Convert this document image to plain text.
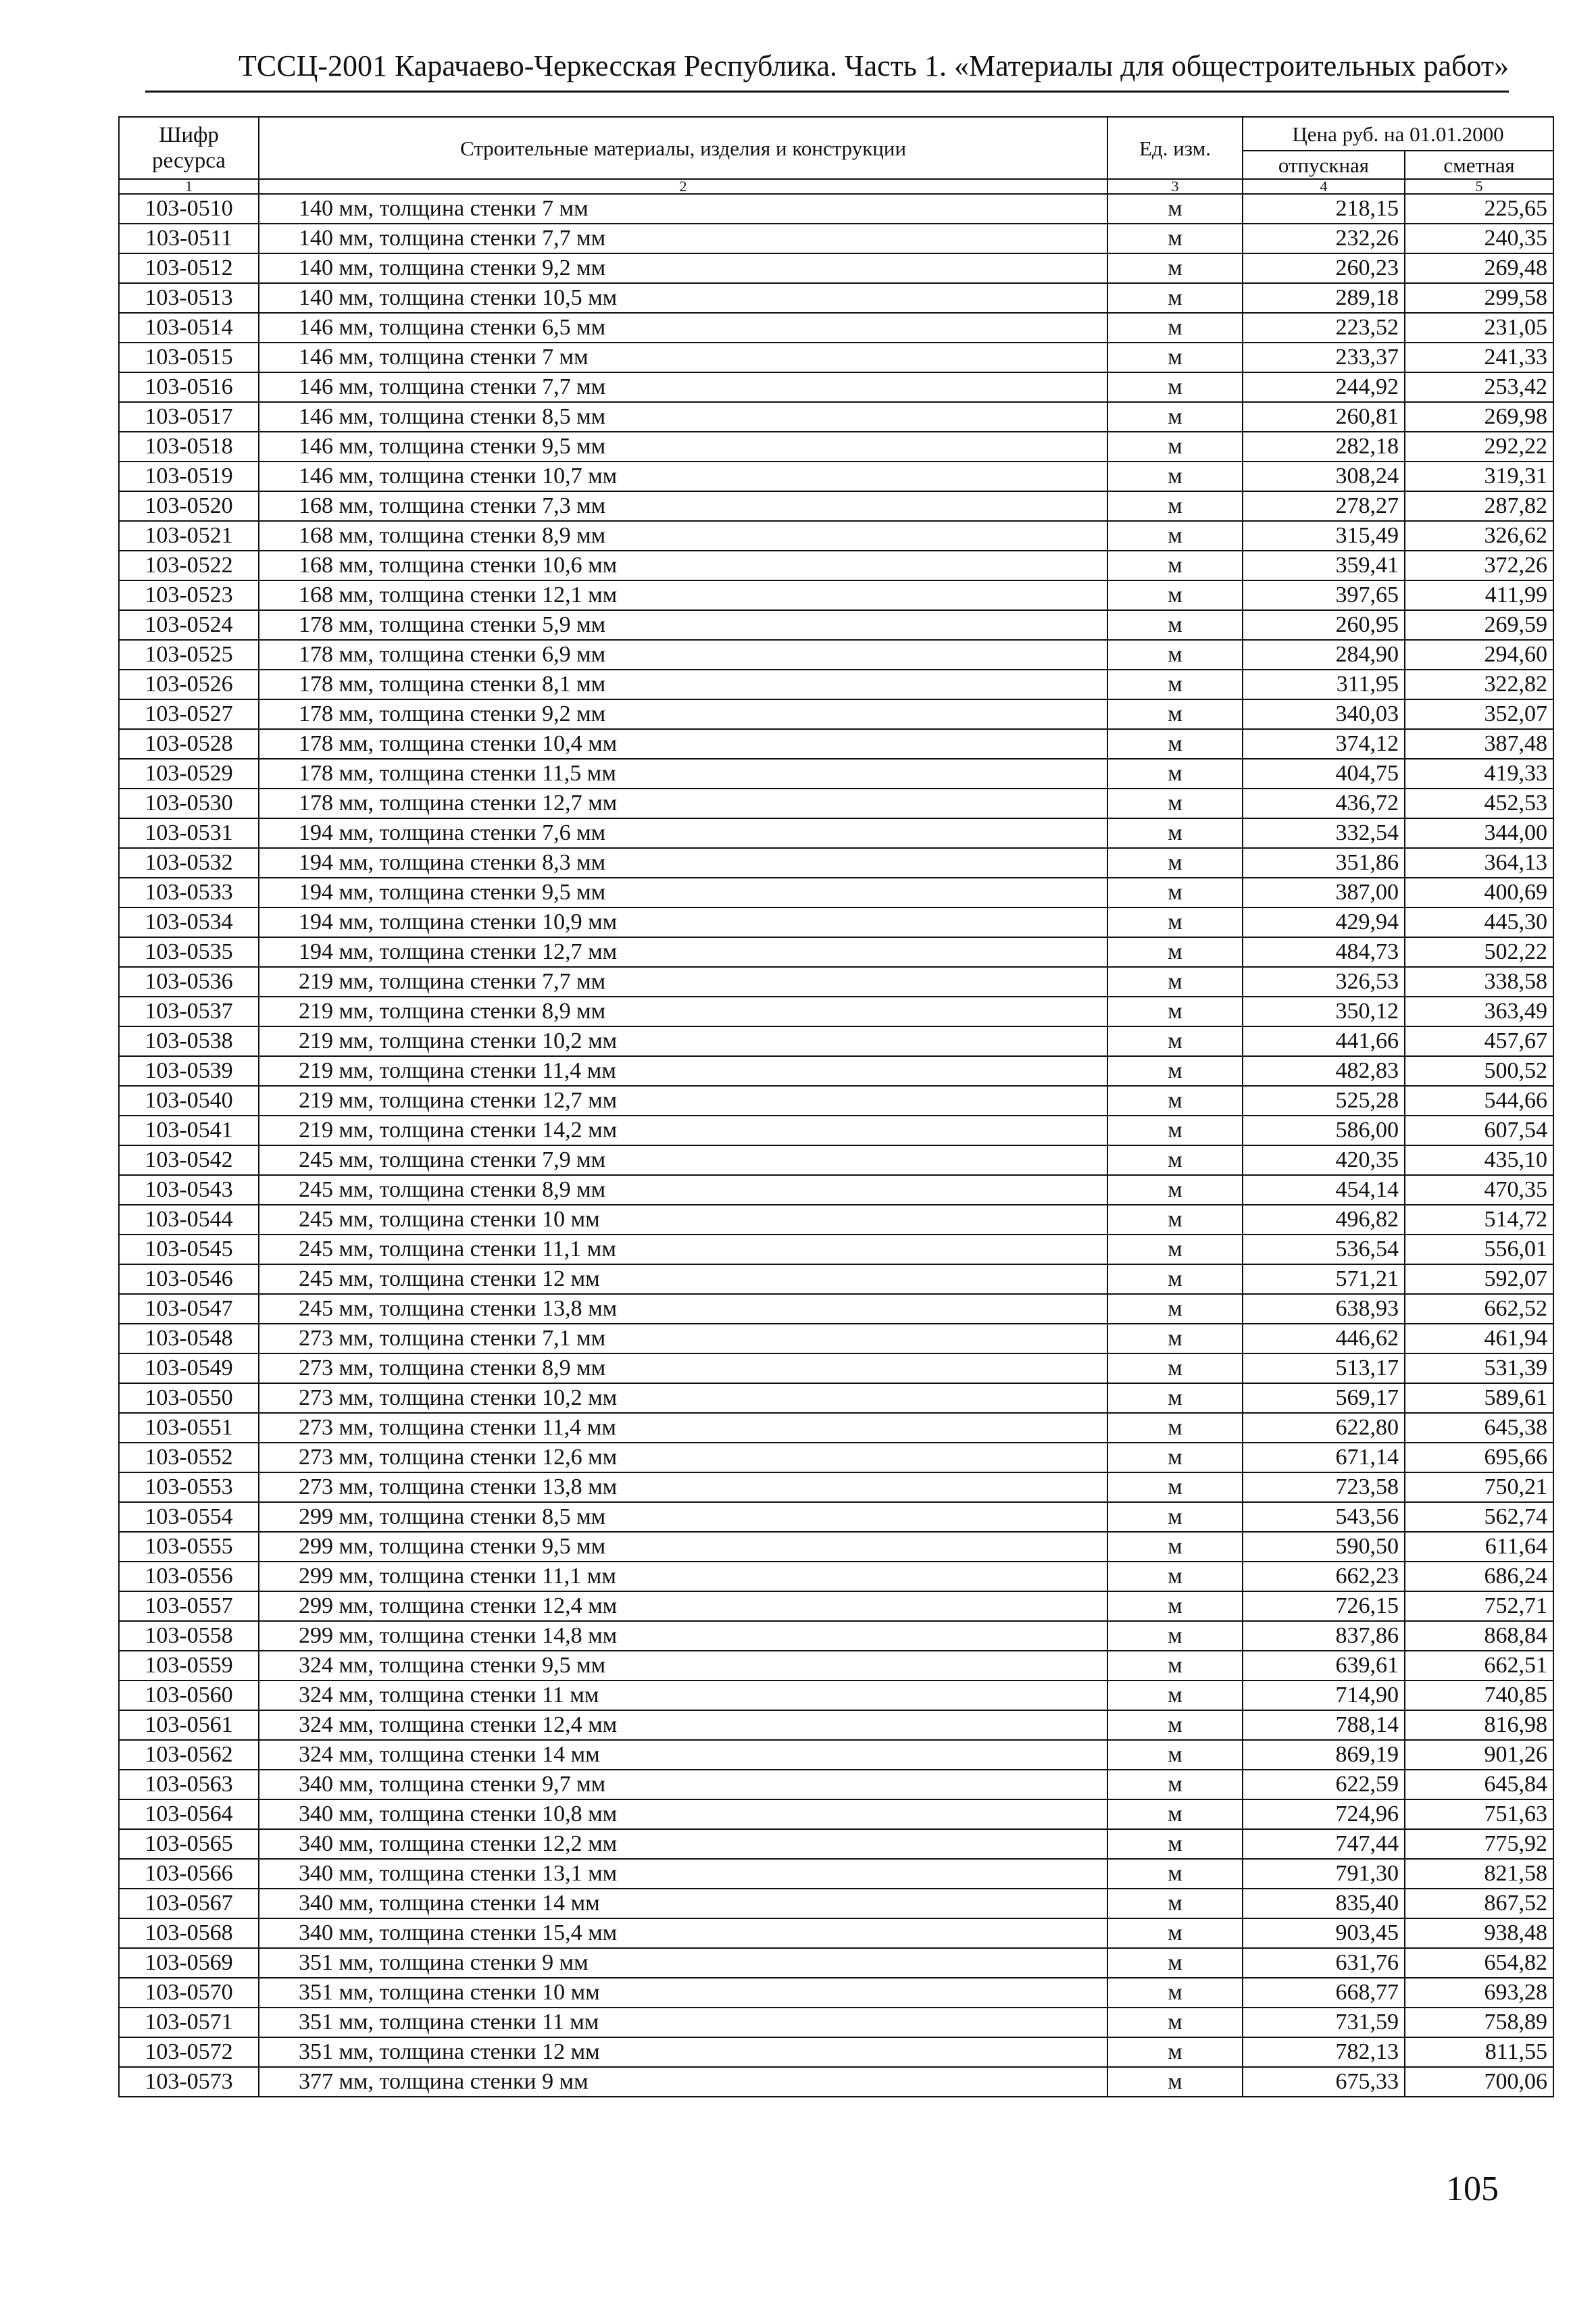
ТССЦ-2001 Карачаево-Черкесская Республика. Часть 1. «Материалы для общестроительных работ»
Шифр ресурса	Строительные материалы, изделия и конструкции	Ед. изм.	Цена руб. на 01.01.2000	
			отпускная	сметная
1	2	3	4	5
103-0510	140 мм, толщина стенки 7 мм	м	218,15	225,65
103-0511	140 мм, толщина стенки 7,7 мм	м	232,26	240,35
103-0512	140 мм, толщина стенки 9,2 мм	м	260,23	269,48
103-0513	140 мм, толщина стенки 10,5 мм	м	289,18	299,58
103-0514	146 мм, толщина стенки 6,5 мм	м	223,52	231,05
103-0515	146 мм, толщина стенки 7 мм	м	233,37	241,33
103-0516	146 мм, толщина стенки 7,7 мм	м	244,92	253,42
103-0517	146 мм, толщина стенки 8,5 мм	м	260,81	269,98
103-0518	146 мм, толщина стенки 9,5 мм	м	282,18	292,22
103-0519	146 мм, толщина стенки 10,7 мм	м	308,24	319,31
103-0520	168 мм, толщина стенки 7,3 мм	м	278,27	287,82
103-0521	168 мм, толщина стенки 8,9 мм	м	315,49	326,62
103-0522	168 мм, толщина стенки 10,6 мм	м	359,41	372,26
103-0523	168 мм, толщина стенки 12,1 мм	м	397,65	411,99
103-0524	178 мм, толщина стенки 5,9 мм	м	260,95	269,59
103-0525	178 мм, толщина стенки 6,9 мм	м	284,90	294,60
103-0526	178 мм, толщина стенки 8,1 мм	м	311,95	322,82
103-0527	178 мм, толщина стенки 9,2 мм	м	340,03	352,07
103-0528	178 мм, толщина стенки 10,4 мм	м	374,12	387,48
103-0529	178 мм, толщина стенки 11,5 мм	м	404,75	419,33
103-0530	178 мм, толщина стенки 12,7 мм	м	436,72	452,53
103-0531	194 мм, толщина стенки 7,6 мм	м	332,54	344,00
103-0532	194 мм, толщина стенки 8,3 мм	м	351,86	364,13
103-0533	194 мм, толщина стенки 9,5 мм	м	387,00	400,69
103-0534	194 мм, толщина стенки 10,9 мм	м	429,94	445,30
103-0535	194 мм, толщина стенки 12,7 мм	м	484,73	502,22
103-0536	219 мм, толщина стенки 7,7 мм	м	326,53	338,58
103-0537	219 мм, толщина стенки 8,9 мм	м	350,12	363,49
103-0538	219 мм, толщина стенки 10,2 мм	м	441,66	457,67
103-0539	219 мм, толщина стенки 11,4 мм	м	482,83	500,52
103-0540	219 мм, толщина стенки 12,7 мм	м	525,28	544,66
103-0541	219 мм, толщина стенки 14,2 мм	м	586,00	607,54
103-0542	245 мм, толщина стенки 7,9 мм	м	420,35	435,10
103-0543	245 мм, толщина стенки 8,9 мм	м	454,14	470,35
103-0544	245 мм, толщина стенки 10 мм	м	496,82	514,72
103-0545	245 мм, толщина стенки 11,1 мм	м	536,54	556,01
103-0546	245 мм, толщина стенки 12 мм	м	571,21	592,07
103-0547	245 мм, толщина стенки 13,8 мм	м	638,93	662,52
103-0548	273 мм, толщина стенки 7,1 мм	м	446,62	461,94
103-0549	273 мм, толщина стенки 8,9 мм	м	513,17	531,39
103-0550	273 мм, толщина стенки 10,2 мм	м	569,17	589,61
103-0551	273 мм, толщина стенки 11,4 мм	м	622,80	645,38
103-0552	273 мм, толщина стенки 12,6 мм	м	671,14	695,66
103-0553	273 мм, толщина стенки 13,8 мм	м	723,58	750,21
103-0554	299 мм, толщина стенки 8,5 мм	м	543,56	562,74
103-0555	299 мм, толщина стенки 9,5 мм	м	590,50	611,64
103-0556	299 мм, толщина стенки 11,1 мм	м	662,23	686,24
103-0557	299 мм, толщина стенки 12,4 мм	м	726,15	752,71
103-0558	299 мм, толщина стенки 14,8 мм	м	837,86	868,84
103-0559	324 мм, толщина стенки 9,5 мм	м	639,61	662,51
103-0560	324 мм, толщина стенки 11 мм	м	714,90	740,85
103-0561	324 мм, толщина стенки 12,4 мм	м	788,14	816,98
103-0562	324 мм, толщина стенки 14 мм	м	869,19	901,26
103-0563	340 мм, толщина стенки 9,7 мм	м	622,59	645,84
103-0564	340 мм, толщина стенки 10,8 мм	м	724,96	751,63
103-0565	340 мм, толщина стенки 12,2 мм	м	747,44	775,92
103-0566	340 мм, толщина стенки 13,1 мм	м	791,30	821,58
103-0567	340 мм, толщина стенки 14 мм	м	835,40	867,52
103-0568	340 мм, толщина стенки 15,4 мм	м	903,45	938,48
103-0569	351 мм, толщина стенки 9 мм	м	631,76	654,82
103-0570	351 мм, толщина стенки 10 мм	м	668,77	693,28
103-0571	351 мм, толщина стенки 11 мм	м	731,59	758,89
103-0572	351 мм, толщина стенки 12 мм	м	782,13	811,55
103-0573	377 мм, толщина стенки 9 мм	м	675,33	700,06
105
